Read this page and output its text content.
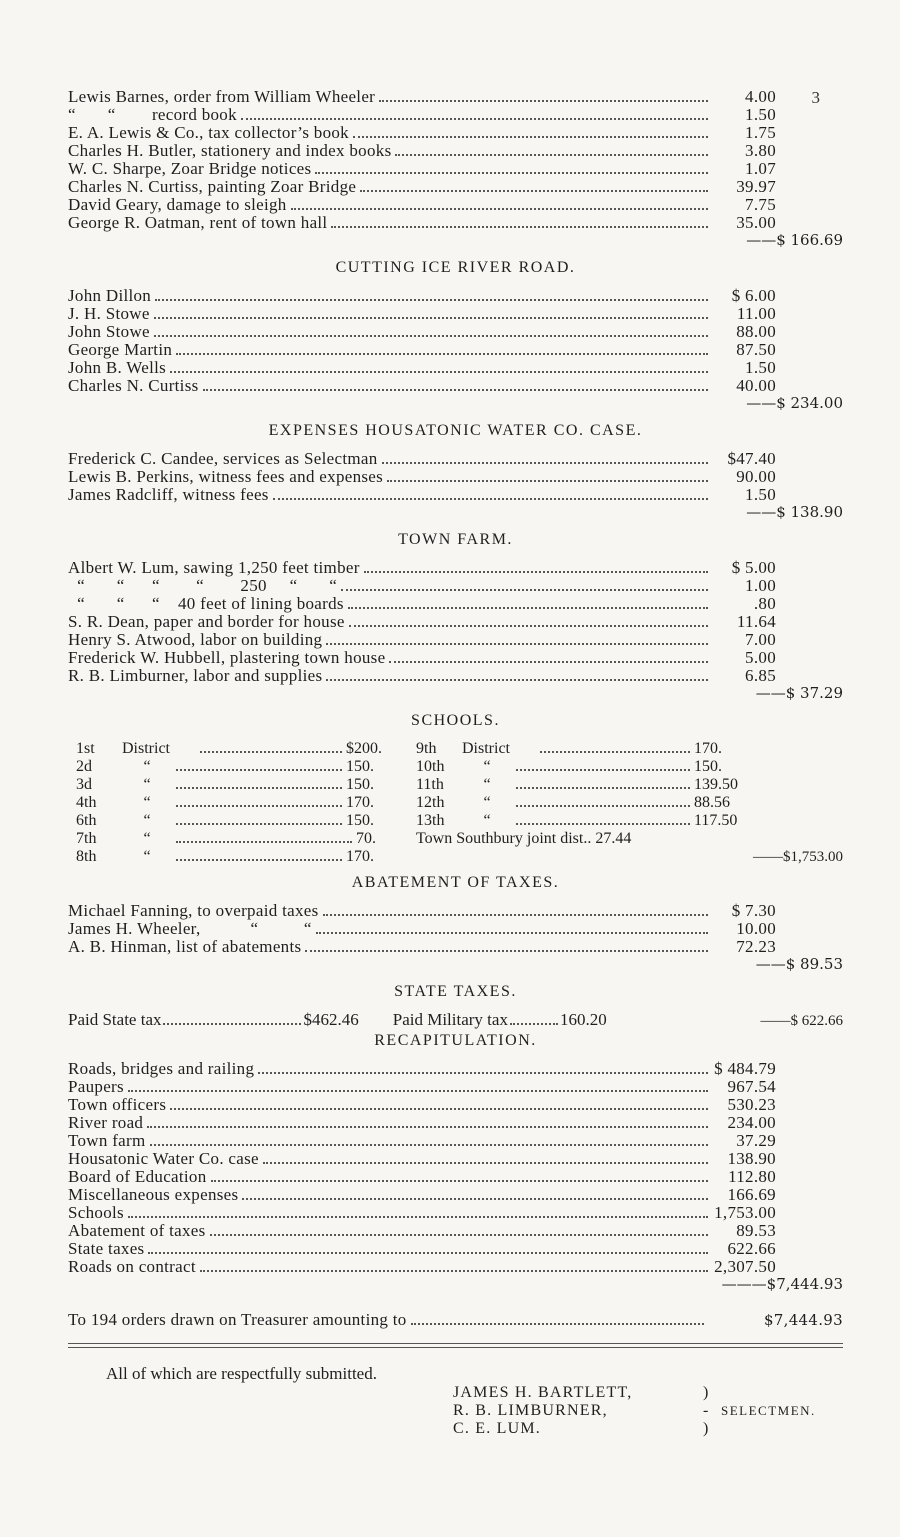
3
Lewis Barnes, order from William Wheeler	4.00
“       “        record book	1.50
E. A. Lewis & Co., tax collector’s book	1.75
Charles H. Butler, stationery and index books	3.80
W. C. Sharpe, Zoar Bridge notices	1.07
Charles N. Curtiss, painting Zoar Bridge	39.97
David Geary, damage to sleigh	7.75
George R. Oatman, rent of town hall	35.00
——$ 166.69
CUTTING ICE RIVER ROAD.
John Dillon	$ 6.00
J. H. Stowe	11.00
John Stowe	88.00
George Martin	87.50
John B. Wells	1.50
Charles N. Curtiss	40.00
——$ 234.00
EXPENSES HOUSATONIC WATER CO. CASE.
Frederick C. Candee, services as Selectman	$47.40
Lewis B. Perkins, witness fees and expenses	90.00
James Radcliff, witness fees	1.50
——$ 138.90
TOWN FARM.
Albert W. Lum, sawing 1,250 feet timber	$ 5.00
“       “      “        “        250     “       “	1.00
“       “      “    40 feet of lining boards	.80
S. R. Dean, paper and border for house	11.64
Henry S. Atwood, labor on building	7.00
Frederick W. Hubbell, plastering town house	5.00
R. B. Limburner, labor and supplies	6.85
——$ 37.29
SCHOOLS.
1st	District	$200.
2d	“	150.
3d	“	150.
4th	“	170.
6th	“	150.
7th	“	70.
8th	“	170.
9th	District	170.
10th	“	150.
11th	“	139.50
12th	“	88.56
13th	“	117.50
Town Southbury joint dist.. 27.44
——$1,753.00
ABATEMENT OF TAXES.
Michael Fanning, to overpaid taxes	$ 7.30
James H. Wheeler,           “          “	10.00
A. B. Hinman, list of abatements	72.23
——$ 89.53
STATE TAXES.
Paid State tax	$462.46 Paid Military tax	160.20	——$ 622.66
RECAPITULATION.
Roads, bridges and railing	$ 484.79
Paupers	967.54
Town officers	530.23
River road	234.00
Town farm	37.29
Housatonic Water Co. case	138.90
Board of Education	112.80
Miscellaneous expenses	166.69
Schools	1,753.00
Abatement of taxes	89.53
State taxes	622.66
Roads on contract	2,307.50
———$7,444.93
To 194 orders drawn on Treasurer amounting to	$7,444.93
All of which are respectfully submitted.
JAMES H. BARTLETT,
R. B. LIMBURNER,
C. E. LUM.
)
-
)
SELECTMEN.
